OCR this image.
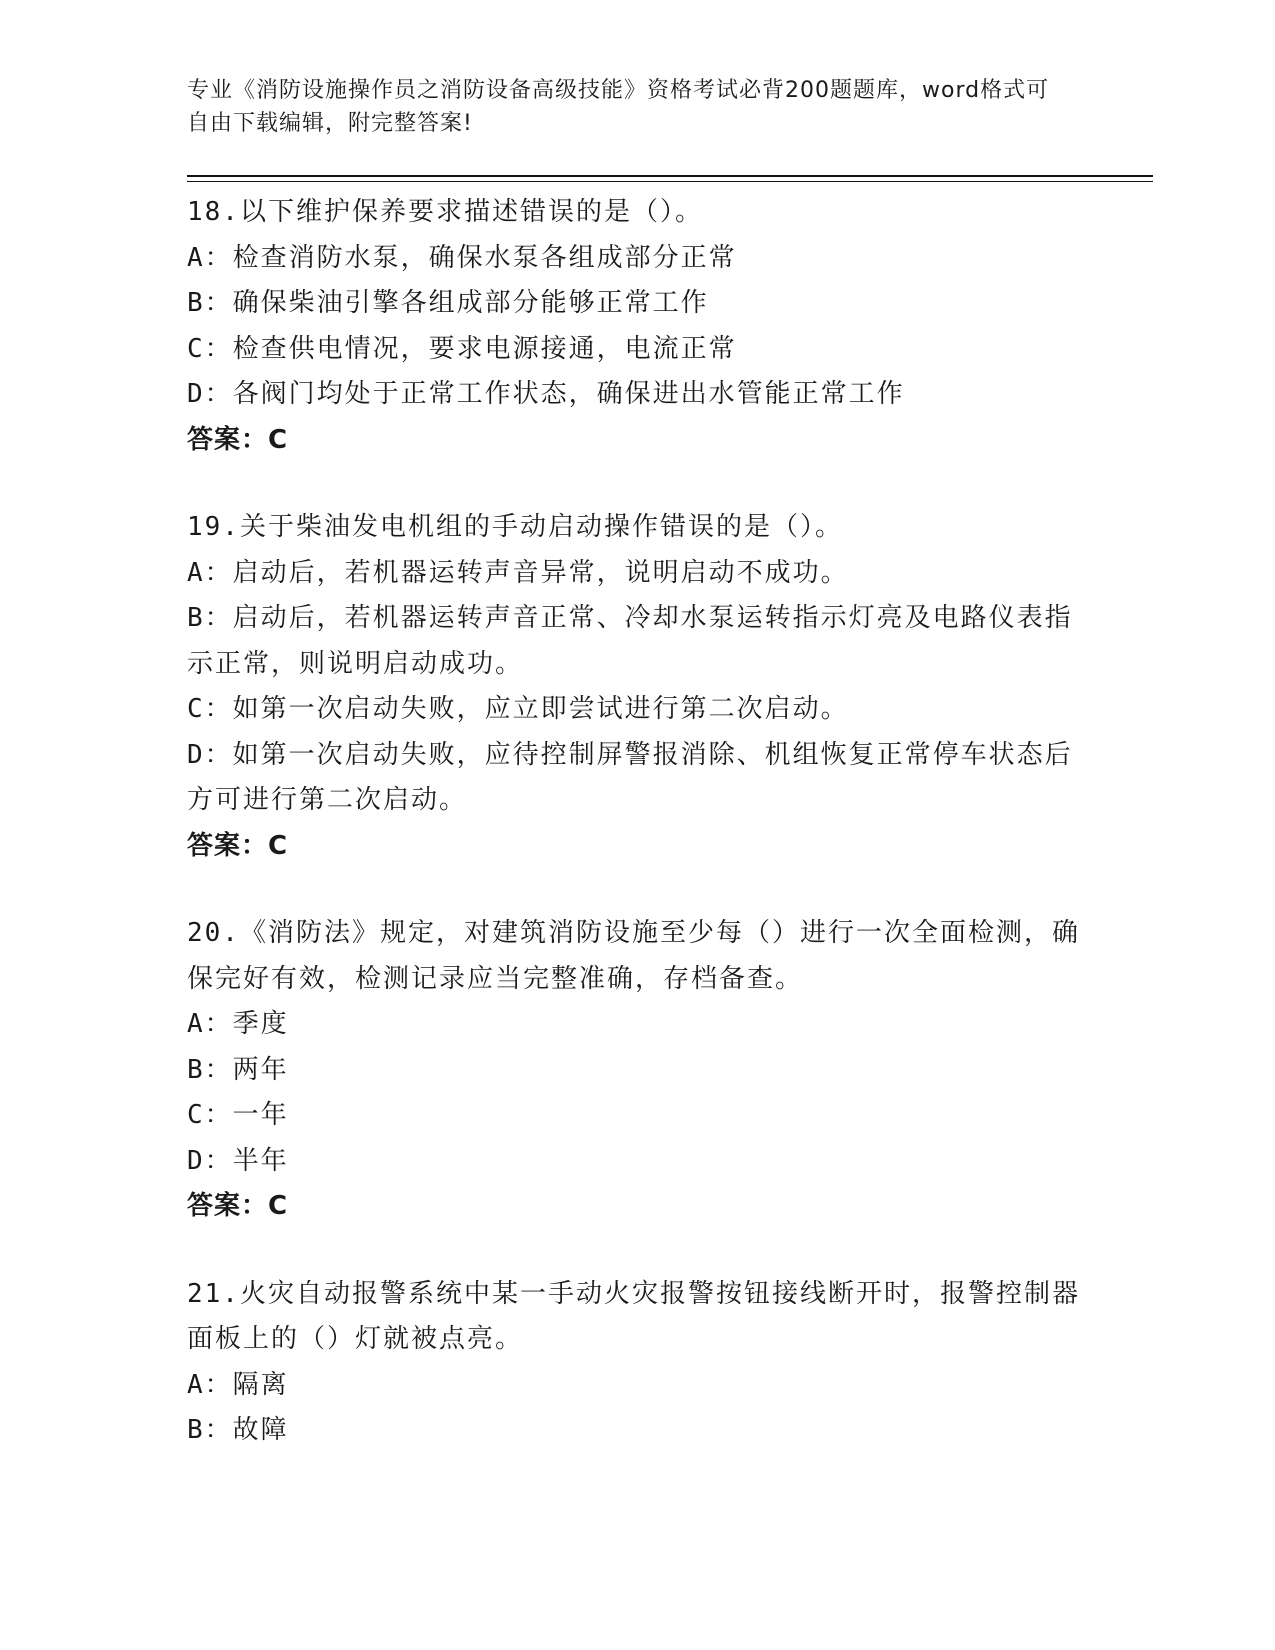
专业《消防设施操作员之消防设备高级技能》资格考试必背200题题库，word格式可自由下载编辑，附完整答案!

18.以下维护保养要求描述错误的是（）。

A：检查消防水泵，确保水泵各组成部分正常

B：确保柴油引擎各组成部分能够正常工作

C：检查供电情况，要求电源接通，电流正常

D：各阀门均处于正常工作状态，确保进出水管能正常工作

答案：C

19.关于柴油发电机组的手动启动操作错误的是（）。

A：启动后，若机器运转声音异常，说明启动不成功。

B：启动后，若机器运转声音正常、冷却水泵运转指示灯亮及电路仪表指示正常，则说明启动成功。

C：如第一次启动失败，应立即尝试进行第二次启动。

D：如第一次启动失败，应待控制屏警报消除、机组恢复正常停车状态后方可进行第二次启动。

答案：C

20.《消防法》规定，对建筑消防设施至少每（）进行一次全面检测，确保完好有效，检测记录应当完整准确，存档备查。

A：季度

B：两年

C：一年

D：半年

答案：C

21.火灾自动报警系统中某一手动火灾报警按钮接线断开时，报警控制器面板上的（）灯就被点亮。

A：隔离

B：故障
